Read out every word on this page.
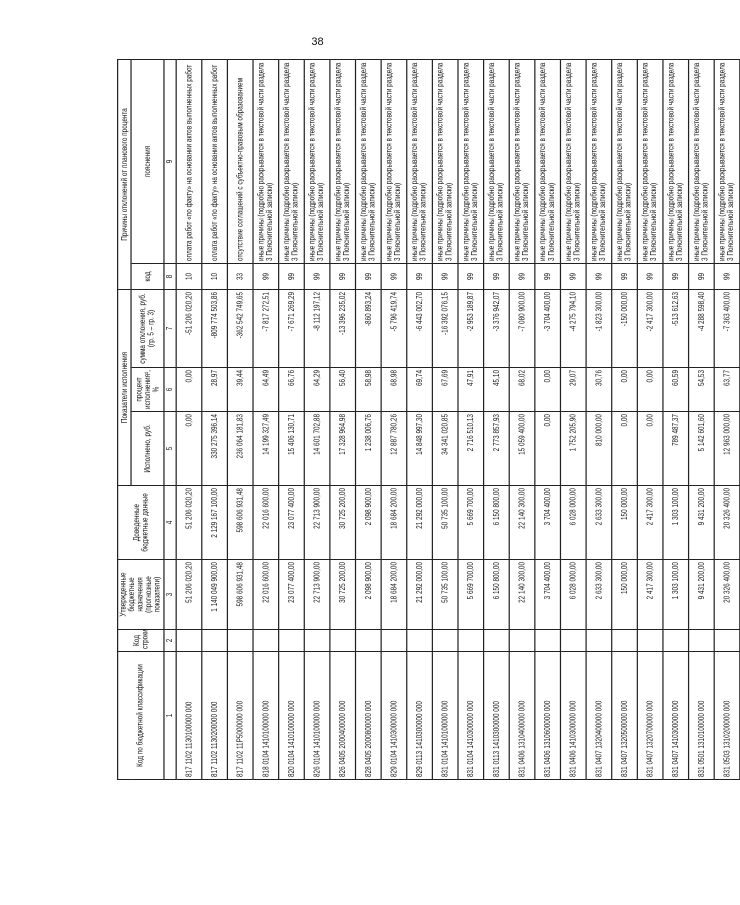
38
Код по бюджетной классификации	Код строки	Утвержденные бюджетные назначения (прогнозные показатели)	Доведенные бюджетные данные	Показатели исполнения			Причины отклонений от планового процента	
				Исполнено, руб.	процент исполнения¹, %	сумма отклонения, руб. (гр. 5 – гр. 3)	код	пояснения
1	2	3	4	5	6	7	8	9
817 1102 1130100000 000		51 206 020,20	51 206 020,20	0,00	0,00	-51 206 020,20	10	оплата работ «по факту» на основании актов выполненных работ
817 1102 1130200000 000		1 140 049 900,00	2 129 167 100,00	330 275 396,14	28,97	-809 774 503,86	10	оплата работ «по факту» на основании актов выполненных работ
817 1102 11P5000000 000		598 606 931,48	598 606 931,48	236 064 181,83	39,44	-362 542 749,65	33	отсутствие соглашений с субъектно-правовым образованием
818 0104 1410100000 000		22 016 600,00	22 016 600,00	14 199 327,49	64,49	-7 817 272,51	99	иные причины (подробно раскрывается в текстовой части раздела 3 Пояснительной записки)
820 0104 1410100000 000		23 077 400,00	23 077 400,00	15 406 130,71	66,76	-7 671 269,29	99	иные причины (подробно раскрывается в текстовой части раздела 3 Пояснительной записки)
826 0104 1410100000 000		22 713 900,00	22 713 900,00	14 601 702,88	64,29	-8 112 197,12	99	иные причины (подробно раскрывается в текстовой части раздела 3 Пояснительной записки)
826 0405 2000400000 000		30 725 200,00	30 725 200,00	17 328 964,98	56,40	-13 396 235,02	99	иные причины (подробно раскрывается в текстовой части раздела 3 Пояснительной записки)
828 0405 2000800000 000		2 098 900,00	2 098 900,00	1 238 006,76	58,98	-860 893,24	99	иные причины (подробно раскрывается в текстовой части раздела 3 Пояснительной записки)
829 0104 1410300000 000		18 684 200,00	18 684 200,00	12 887 780,26	68,98	-5 796 419,74	99	иные причины (подробно раскрывается в текстовой части раздела 3 Пояснительной записки)
829 0113 1410300000 000		21 292 000,00	21 292 000,00	14 848 997,30	69,74	-6 443 002,70	99	иные причины (подробно раскрывается в текстовой части раздела 3 Пояснительной записки)
831 0104 1410100000 000		50 735 100,00	50 735 100,00	34 341 020,85	67,69	-16 392 076,15	99	иные причины (подробно раскрывается в текстовой части раздела 3 Пояснительной записки)
831 0104 1410300000 000		5 669 700,00	5 669 700,00	2 716 510,13	47,91	-2 953 189,87	99	иные причины (подробно раскрывается в текстовой части раздела 3 Пояснительной записки)
831 0113 1410300000 000		6 150 800,00	6 150 800,00	2 773 857,93	45,10	-3 376 942,07	99	иные причины (подробно раскрывается в текстовой части раздела 3 Пояснительной записки)
831 0406 1310400000 000		22 140 300,00	22 140 300,00	15 059 400,00	68,02	-7 080 900,00	99	иные причины (подробно раскрывается в текстовой части раздела 3 Пояснительной записки)
831 0406 1310600000 000		3 704 400,00	3 704 400,00	0,00	0,00	-3 704 400,00	99	иные причины (подробно раскрывается в текстовой части раздела 3 Пояснительной записки)
831 0406 1410300000 000		6 028 000,00	6 028 000,00	1 752 205,90	29,07	-4 275 794,10	99	иные причины (подробно раскрывается в текстовой части раздела 3 Пояснительной записки)
831 0407 1320400000 000		2 633 300,00	2 633 300,00	810 000,00	30,76	-1 823 300,00	99	иные причины (подробно раскрывается в текстовой части раздела 3 Пояснительной записки)
831 0407 1320500000 000		150 000,00	150 000,00	0,00	0,00	-150 000,00	99	иные причины (подробно раскрывается в текстовой части раздела 3 Пояснительной записки)
831 0407 1320700000 000		2 417 300,00	2 417 300,00	0,00	0,00	-2 417 300,00	99	иные причины (подробно раскрывается в текстовой части раздела 3 Пояснительной записки)
831 0407 1410300000 000		1 303 100,00	1 303 100,00	789 487,37	60,59	-513 612,63	99	иные причины (подробно раскрывается в текстовой части раздела 3 Пояснительной записки)
831 0501 1310100000 000		9 431 200,00	9 431 200,00	5 142 601,60	54,53	-4 288 598,40	99	иные причины (подробно раскрывается в текстовой части раздела 3 Пояснительной записки)
831 0503 1310200000 000		20 326 400,00	20 326 400,00	12 963 000,00	63,77	-7 363 400,00	99	иные причины (подробно раскрывается в текстовой части раздела 3 Пояснительной записки)
